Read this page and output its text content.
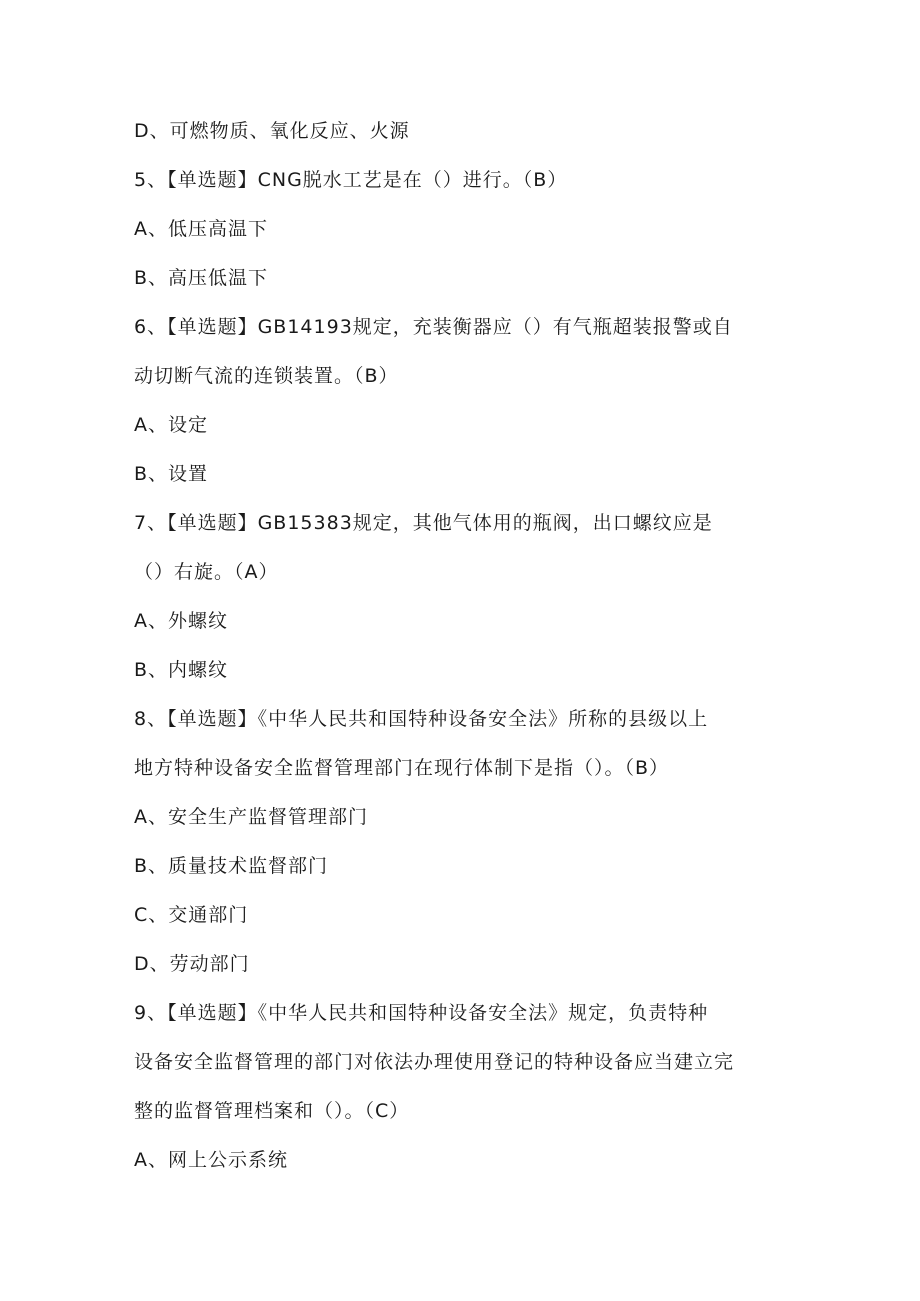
D、可燃物质、氧化反应、火源
5、【单选题】CNG脱水工艺是在（）进行。（B）
A、低压高温下
B、高压低温下
6、【单选题】GB14193规定，充装衡器应（）有气瓶超装报警或自
动切断气流的连锁装置。（B）
A、设定
B、设置
7、【单选题】GB15383规定，其他气体用的瓶阀，出口螺纹应是
（）右旋。（A）
A、外螺纹
B、内螺纹
8、【单选题】《中华人民共和国特种设备安全法》所称的县级以上
地方特种设备安全监督管理部门在现行体制下是指（）。（B）
A、安全生产监督管理部门
B、质量技术监督部门
C、交通部门
D、劳动部门
9、【单选题】《中华人民共和国特种设备安全法》规定，负责特种
设备安全监督管理的部门对依法办理使用登记的特种设备应当建立完
整的监督管理档案和（）。（C）
A、网上公示系统
